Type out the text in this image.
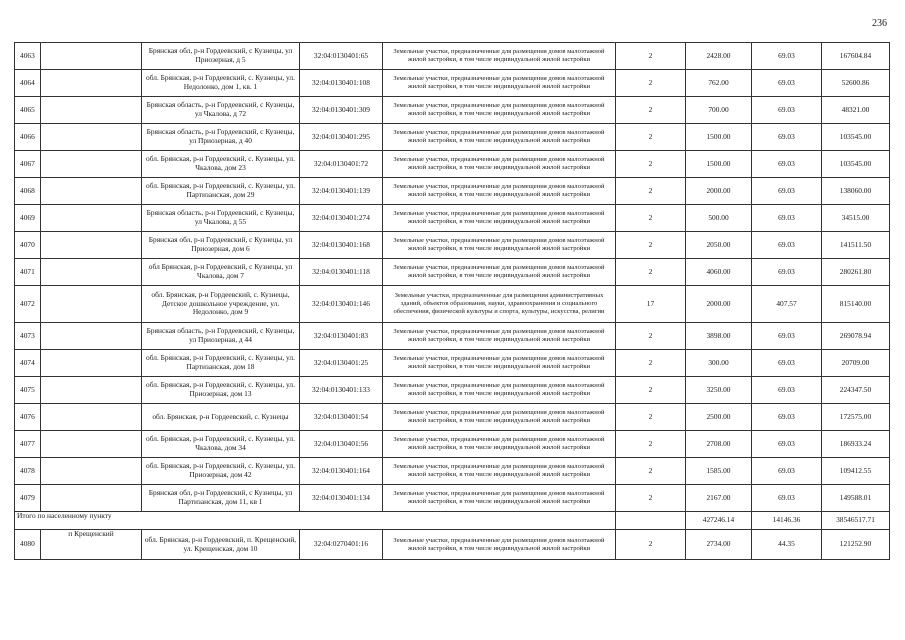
236
4063		Брянская обл, р-н Гордеевский, с Кузнецы, ул Приозерная, д 5	32:04:0130401:65	Земельные участки, предназначенные для размещения домов малоэтажной жилой застройки, в том числе индивидуальной жилой застройки	2	2428.00	69.03	167604.84
4064		обл. Брянская, р-н Гордеевский, с. Кузнецы, ул. Недолонко, дом 1, кв. 1	32:04:0130401:108	Земельные участки, предназначенные для размещения домов малоэтажной жилой застройки, в том числе индивидуальной жилой застройки	2	762.00	69.03	52600.86
4065		Брянская область, р-н Гордеевский, с Кузнецы, ул Чкалова, д 72	32:04:0130401:309	Земельные участки, предназначенные для размещения домов малоэтажной жилой застройки, в том числе индивидуальной жилой застройки	2	700.00	69.03	48321.00
4066		Брянская область, р-н Гордеевский, с Кузнецы, ул Приозерная, д 40	32:04:0130401:295	Земельные участки, предназначенные для размещения домов малоэтажной жилой застройки, в том числе индивидуальной жилой застройки	2	1500.00	69.03	103545.00
4067		обл. Брянская, р-н Гордеевский, с. Кузнецы, ул. Чкалова, дом 23	32:04:0130401:72	Земельные участки, предназначенные для размещения домов малоэтажной жилой застройки, в том числе индивидуальной жилой застройки	2	1500.00	69.03	103545.00
4068		обл. Брянская, р-н Гордеевский, с. Кузнецы, ул. Партизанская, дом 29	32:04:0130401:139	Земельные участки, предназначенные для размещения домов малоэтажной жилой застройки, в том числе индивидуальной жилой застройки	2	2000.00	69.03	138060.00
4069		Брянская область, р-н Гордеевский, с Кузнецы, ул Чкалова, д 55	32:04:0130401:274	Земельные участки, предназначенные для размещения домов малоэтажной жилой застройки, в том числе индивидуальной жилой застройки	2	500.00	69.03	34515.00
4070		Брянская обл, р-н Гордеевский, с Кузнецы, ул Приозерная, дом 6	32:04:0130401:168	Земельные участки, предназначенные для размещения домов малоэтажной жилой застройки, в том числе индивидуальной жилой застройки	2	2050.00	69.03	141511.50
4071		обл Брянская, р-н Гордеевский, с Кузнецы, ул Чкалова, дом 7	32:04:0130401:118	Земельные участки, предназначенные для размещения домов малоэтажной жилой застройки, в том числе индивидуальной жилой застройки	2	4060.00	69.03	280261.80
4072		обл. Брянская, р-н Гордеевский, с. Кузнецы, Детское дошкольное учреждение, ул. Недолонко, дом 9	32:04:0130401:146	Земельные участки, предназначенные для размещения административных зданий, объектов образования, науки, здравоохранения и социального обеспечения, физической культуры и спорта, культуры, искусства, религии	17	2000.00	407.57	815140.00
4073		Брянская область, р-н Гордеевский, с Кузнецы, ул Приозерная, д 44	32:04:0130401:83	Земельные участки, предназначенные для размещения домов малоэтажной жилой застройки, в том числе индивидуальной жилой застройки	2	3898.00	69.03	269078.94
4074		обл. Брянская, р-н Гордеевский, с. Кузнецы, ул. Партизанская, дом 18	32:04:0130401:25	Земельные участки, предназначенные для размещения домов малоэтажной жилой застройки, в том числе индивидуальной жилой застройки	2	300.00	69.03	20709.00
4075		обл. Брянская, р-н Гордеевский, с. Кузнецы, ул. Приозерная, дом 13	32:04:0130401:133	Земельные участки, предназначенные для размещения домов малоэтажной жилой застройки, в том числе индивидуальной жилой застройки	2	3250.00	69.03	224347.50
4076		обл. Брянская, р-н Гордеевский, с. Кузнецы	32:04:0130401:54	Земельные участки, предназначенные для размещения домов малоэтажной жилой застройки, в том числе индивидуальной жилой застройки	2	2500.00	69.03	172575.00
4077		обл. Брянская, р-н Гордеевский, с. Кузнецы, ул. Чкалова, дом 34	32:04:0130401:56	Земельные участки, предназначенные для размещения домов малоэтажной жилой застройки, в том числе индивидуальной жилой застройки	2	2708.00	69.03	186933.24
4078		обл. Брянская, р-н Гордеевский, с. Кузнецы, ул. Приозерная, дом 42	32:04:0130401:164	Земельные участки, предназначенные для размещения домов малоэтажной жилой застройки, в том числе индивидуальной жилой застройки	2	1585.00	69.03	109412.55
4079		Брянская обл, р-н Гордеевский, с Кузнецы, ул Партизанская, дом 11, кв 1	32:04:0130401:134	Земельные участки, предназначенные для размещения домов малоэтажной жилой застройки, в том числе индивидуальной жилой застройки	2	2167.00	69.03	149588.01
Итого по населенному пункту						427246.14	14146.36	38546517.71
4080	п Крещенский	обл. Брянская, р-н Гордеевский, п. Крещенский, ул. Крещенская, дом 10	32:04:0270401:16	Земельные участки, предназначенные для размещения домов малоэтажной жилой застройки, в том числе индивидуальной жилой застройки	2	2734.00	44.35	121252.90
